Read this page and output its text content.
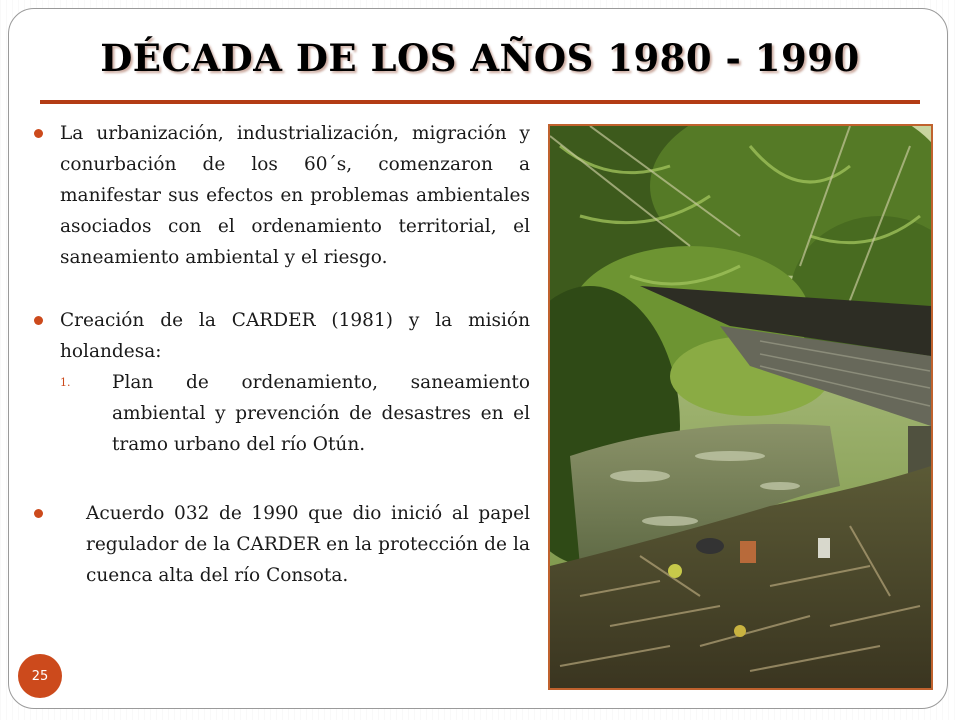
DÉCADA DE LOS AÑOS 1980 - 1990
La urbanización, industrialización, migración y conurbación de los 60´s, comenzaron a manifestar sus efectos en problemas ambientales asociados con el ordenamiento territorial, el saneamiento ambiental y el riesgo.
Creación de la CARDER (1981) y la misión holandesa:
1. Plan de ordenamiento, saneamiento ambiental y prevención de desastres en el tramo urbano del río Otún.
Acuerdo 032 de 1990 que dio inició al papel regulador de la CARDER en la protección de la cuenca alta del río Consota.
25
